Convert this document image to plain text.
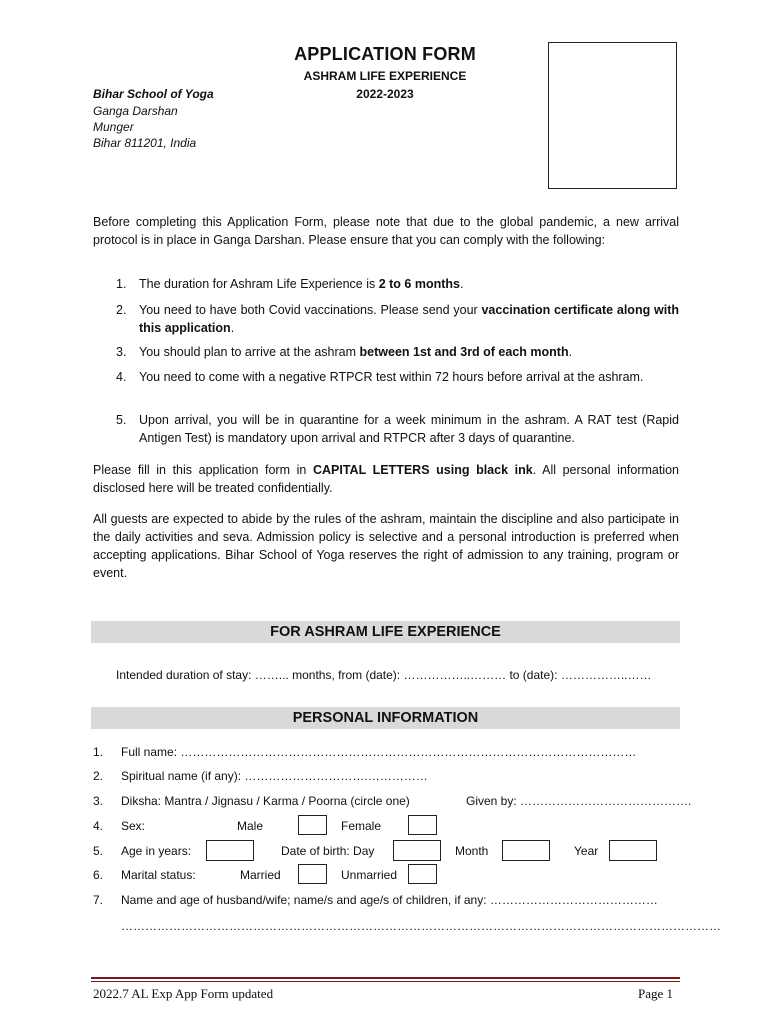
APPLICATION FORM
ASHRAM LIFE EXPERIENCE
2022-2023
Bihar School of Yoga
Ganga Darshan
Munger
Bihar 811201, India
Before completing this Application Form, please note that due to the global pandemic, a new arrival protocol is in place in Ganga Darshan. Please ensure that you can comply with the following:
1. The duration for Ashram Life Experience is 2 to 6 months.
2. You need to have both Covid vaccinations. Please send your vaccination certificate along with this application.
3. You should plan to arrive at the ashram between 1st and 3rd of each month.
4. You need to come with a negative RTPCR test within 72 hours before arrival at the ashram.
5. Upon arrival, you will be in quarantine for a week minimum in the ashram. A RAT test (Rapid Antigen Test) is mandatory upon arrival and RTPCR after 3 days of quarantine.
Please fill in this application form in CAPITAL LETTERS using black ink. All personal information disclosed here will be treated confidentially.
All guests are expected to abide by the rules of the ashram, maintain the discipline and also participate in the daily activities and seva. Admission policy is selective and a personal introduction is preferred when accepting applications. Bihar School of Yoga reserves the right of admission to any training, program or event.
FOR ASHRAM LIFE EXPERIENCE
Intended duration of stay: ……... months, from (date): ……………..……… to (date): ……………..……
PERSONAL INFORMATION
1. Full name: ……………………………………………………………………………………………………
2. Spiritual name (if any): ………………………….……………
3. Diksha: Mantra / Jignasu / Karma / Poorna (circle one)	Given by: …………………………………….
4. Sex:	Male	Female
5. Age in years:	Date of birth: Day	Month	Year
6. Marital status:	Married	Unmarried
7. Name and age of husband/wife; name/s and age/s of children, if any: ……………………………………
……………………………………………………………………………………………………………………………………
2022.7 AL Exp App Form updated	Page 1
